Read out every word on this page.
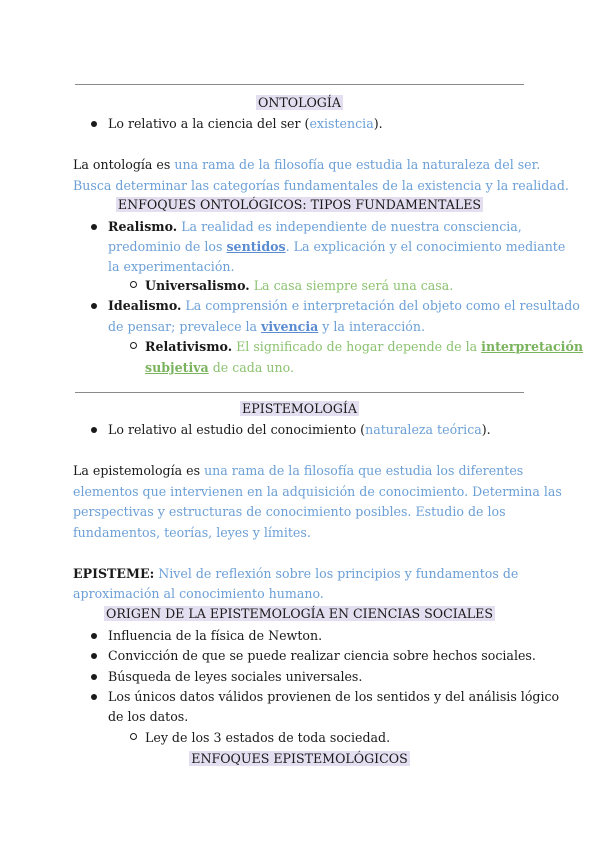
ONTOLOGÍA
Lo relativo a la ciencia del ser (existencia).
La ontología es una rama de la filosofía que estudia la naturaleza del ser.
Busca determinar las categorías fundamentales de la existencia y la realidad.
ENFOQUES ONTOLÓGICOS: TIPOS FUNDAMENTALES
Realismo. La realidad es independiente de nuestra consciencia,
predominio de los sentidos. La explicación y el conocimiento mediante
la experimentación.
Universalismo. La casa siempre será una casa.
Idealismo. La comprensión e interpretación del objeto como el resultado
de pensar; prevalece la vivencia y la interacción.
Relativismo. El significado de hogar depende de la interpretación
subjetiva de cada uno.
EPISTEMOLOGÍA
Lo relativo al estudio del conocimiento (naturaleza teórica).
La epistemología es una rama de la filosofía que estudia los diferentes
elementos que intervienen en la adquisición de conocimiento. Determina las
perspectivas y estructuras de conocimiento posibles. Estudio de los
fundamentos, teorías, leyes y límites.
EPISTEME: Nivel de reflexión sobre los principios y fundamentos de
aproximación al conocimiento humano.
ORIGEN DE LA EPISTEMOLOGÍA EN CIENCIAS SOCIALES
Influencia de la física de Newton.
Convicción de que se puede realizar ciencia sobre hechos sociales.
Búsqueda de leyes sociales universales.
Los únicos datos válidos provienen de los sentidos y del análisis lógico
de los datos.
Ley de los 3 estados de toda sociedad.
ENFOQUES EPISTEMOLÓGICOS
